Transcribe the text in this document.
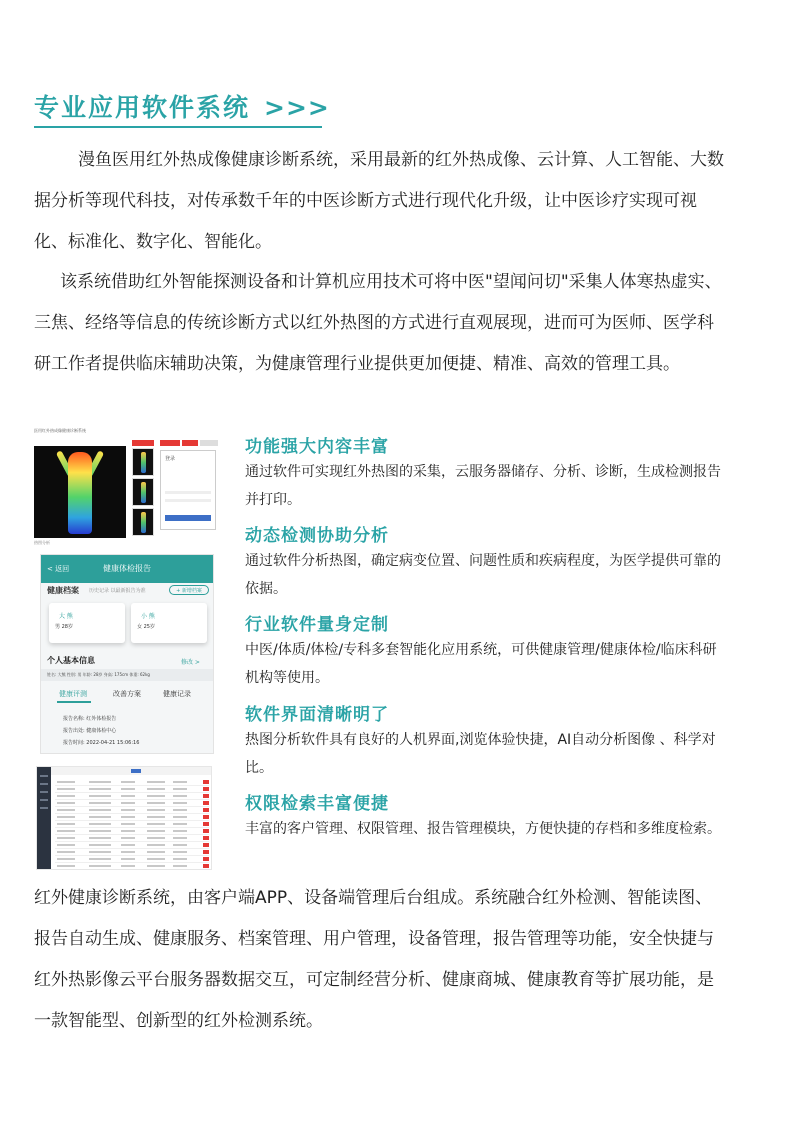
专业应用软件系统 >>>

漫鱼医用红外热成像健康诊断系统，采用最新的红外热成像、云计算、人工智能、大数据分析等现代科技，对传承数千年的中医诊断方式进行现代化升级，让中医诊疗实现可视化、标准化、数字化、智能化。

该系统借助红外智能探测设备和计算机应用技术可将中医"望闻问切"采集人体寒热虚实、三焦、经络等信息的传统诊断方式以红外热图的方式进行直观展现，进而可为医师、医学科研工作者提供临床辅助决策，为健康管理行业提供更加便捷、精准、高效的管理工具。

医用红外热成像健康诊断系统
登录
热图分析
< 返回	健康体检报告
健康档案 历史记录 以最新报告为准	+ 新增档案
大 熊
男 28岁
小 熊
女 25岁
个人基本信息	修改 >
姓名: 大熊 性别: 男 年龄: 28岁 身高: 175cm 体重: 62kg
健康评测	改善方案	健康记录
报告名称: 红外体检报告
报告出处: 健康体检中心
报告时间: 2022-04-21 15:06:16
功能强大内容丰富

通过软件可实现红外热图的采集，云服务器储存、分析、诊断，生成检测报告并打印。

动态检测协助分析

通过软件分析热图，确定病变位置、问题性质和疾病程度，为医学提供可靠的依据。

行业软件量身定制

中医/体质/体检/专科多套智能化应用系统，可供健康管理/健康体检/临床科研机构等使用。

软件界面清晰明了

热图分析软件具有良好的人机界面,浏览体验快捷，AI自动分析图像 、科学对比。

权限检索丰富便捷

丰富的客户管理、权限管理、报告管理模块，方便快捷的存档和多维度检索。

红外健康诊断系统，由客户端APP、设备端管理后台组成。系统融合红外检测、智能读图、报告自动生成、健康服务、档案管理、用户管理，设备管理，报告管理等功能，安全快捷与红外热影像云平台服务器数据交互，可定制经营分析、健康商城、健康教育等扩展功能，是一款智能型、创新型的红外检测系统。
